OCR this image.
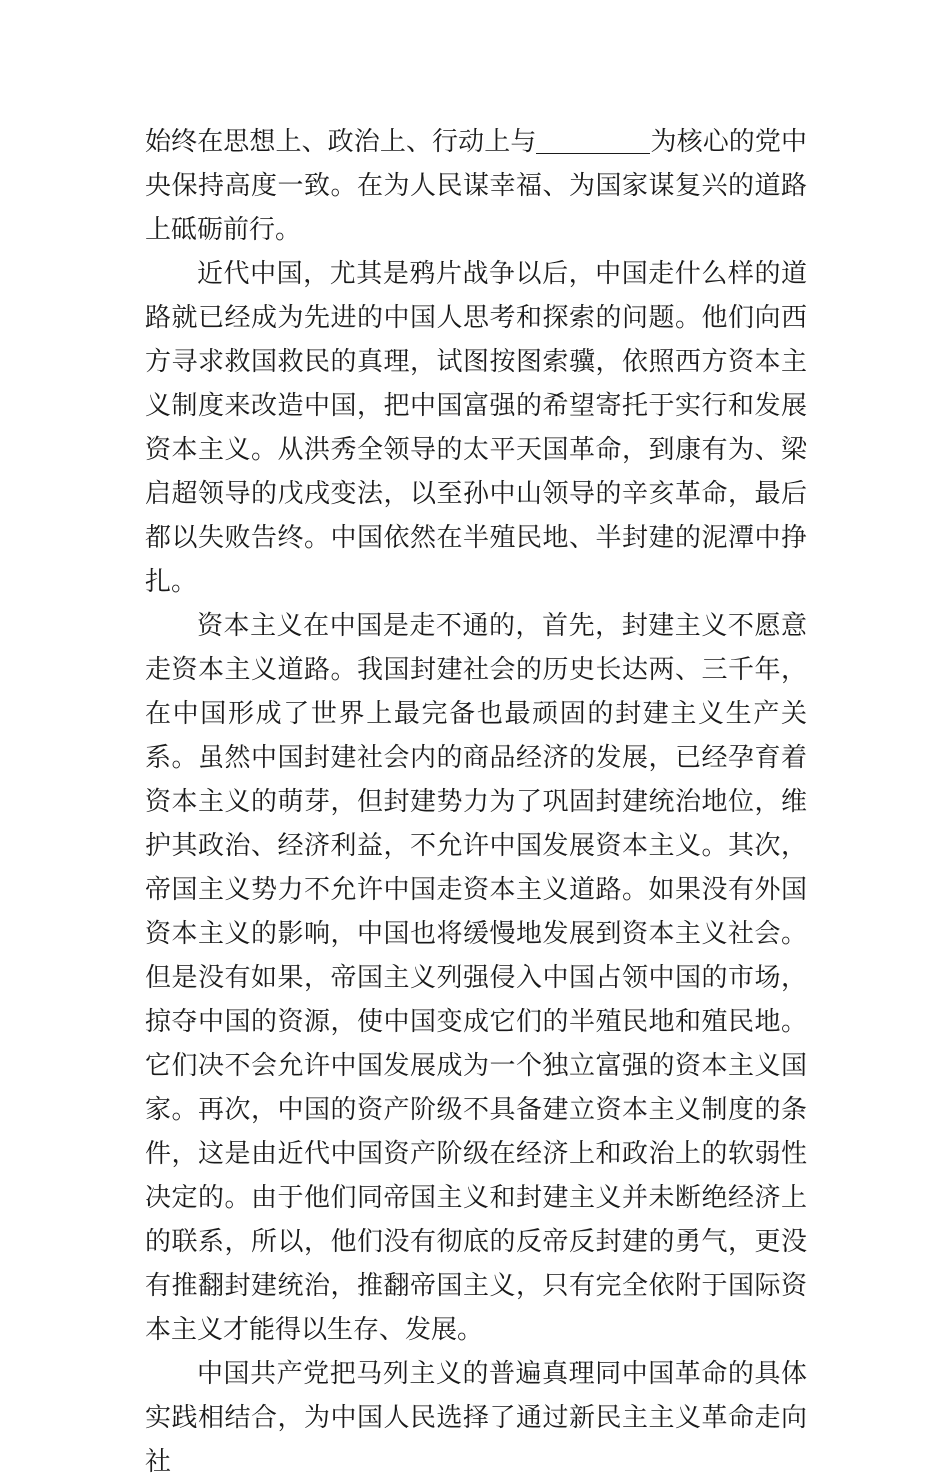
始终在思想上、政治上、行动上与	为核心的党中央保持高度一致。在为人民谋幸福、为国家谋复兴的道路上砥砺前行。

近代中国，尤其是鸦片战争以后，中国走什么样的道路就已经成为先进的中国人思考和探索的问题。他们向西方寻求救国救民的真理，试图按图索骥，依照西方资本主义制度来改造中国，把中国富强的希望寄托于实行和发展资本主义。从洪秀全领导的太平天国革命，到康有为、梁启超领导的戊戌变法，以至孙中山领导的辛亥革命，最后都以失败告终。中国依然在半殖民地、半封建的泥潭中挣扎。

资本主义在中国是走不通的，首先，封建主义不愿意走资本主义道路。我国封建社会的历史长达两、三千年，在中国形成了世界上最完备也最顽固的封建主义生产关系。虽然中国封建社会内的商品经济的发展，已经孕育着资本主义的萌芽，但封建势力为了巩固封建统治地位，维护其政治、经济利益，不允许中国发展资本主义。其次，帝国主义势力不允许中国走资本主义道路。如果没有外国资本主义的影响，中国也将缓慢地发展到资本主义社会。但是没有如果，帝国主义列强侵入中国占领中国的市场，掠夺中国的资源，使中国变成它们的半殖民地和殖民地。它们决不会允许中国发展成为一个独立富强的资本主义国家。再次，中国的资产阶级不具备建立资本主义制度的条件，这是由近代中国资产阶级在经济上和政治上的软弱性决定的。由于他们同帝国主义和封建主义并未断绝经济上的联系，所以，他们没有彻底的反帝反封建的勇气，更没有推翻封建统治，推翻帝国主义，只有完全依附于国际资本主义才能得以生存、发展。

中国共产党把马列主义的普遍真理同中国革命的具体实践相结合，为中国人民选择了通过新民主主义革命走向社
